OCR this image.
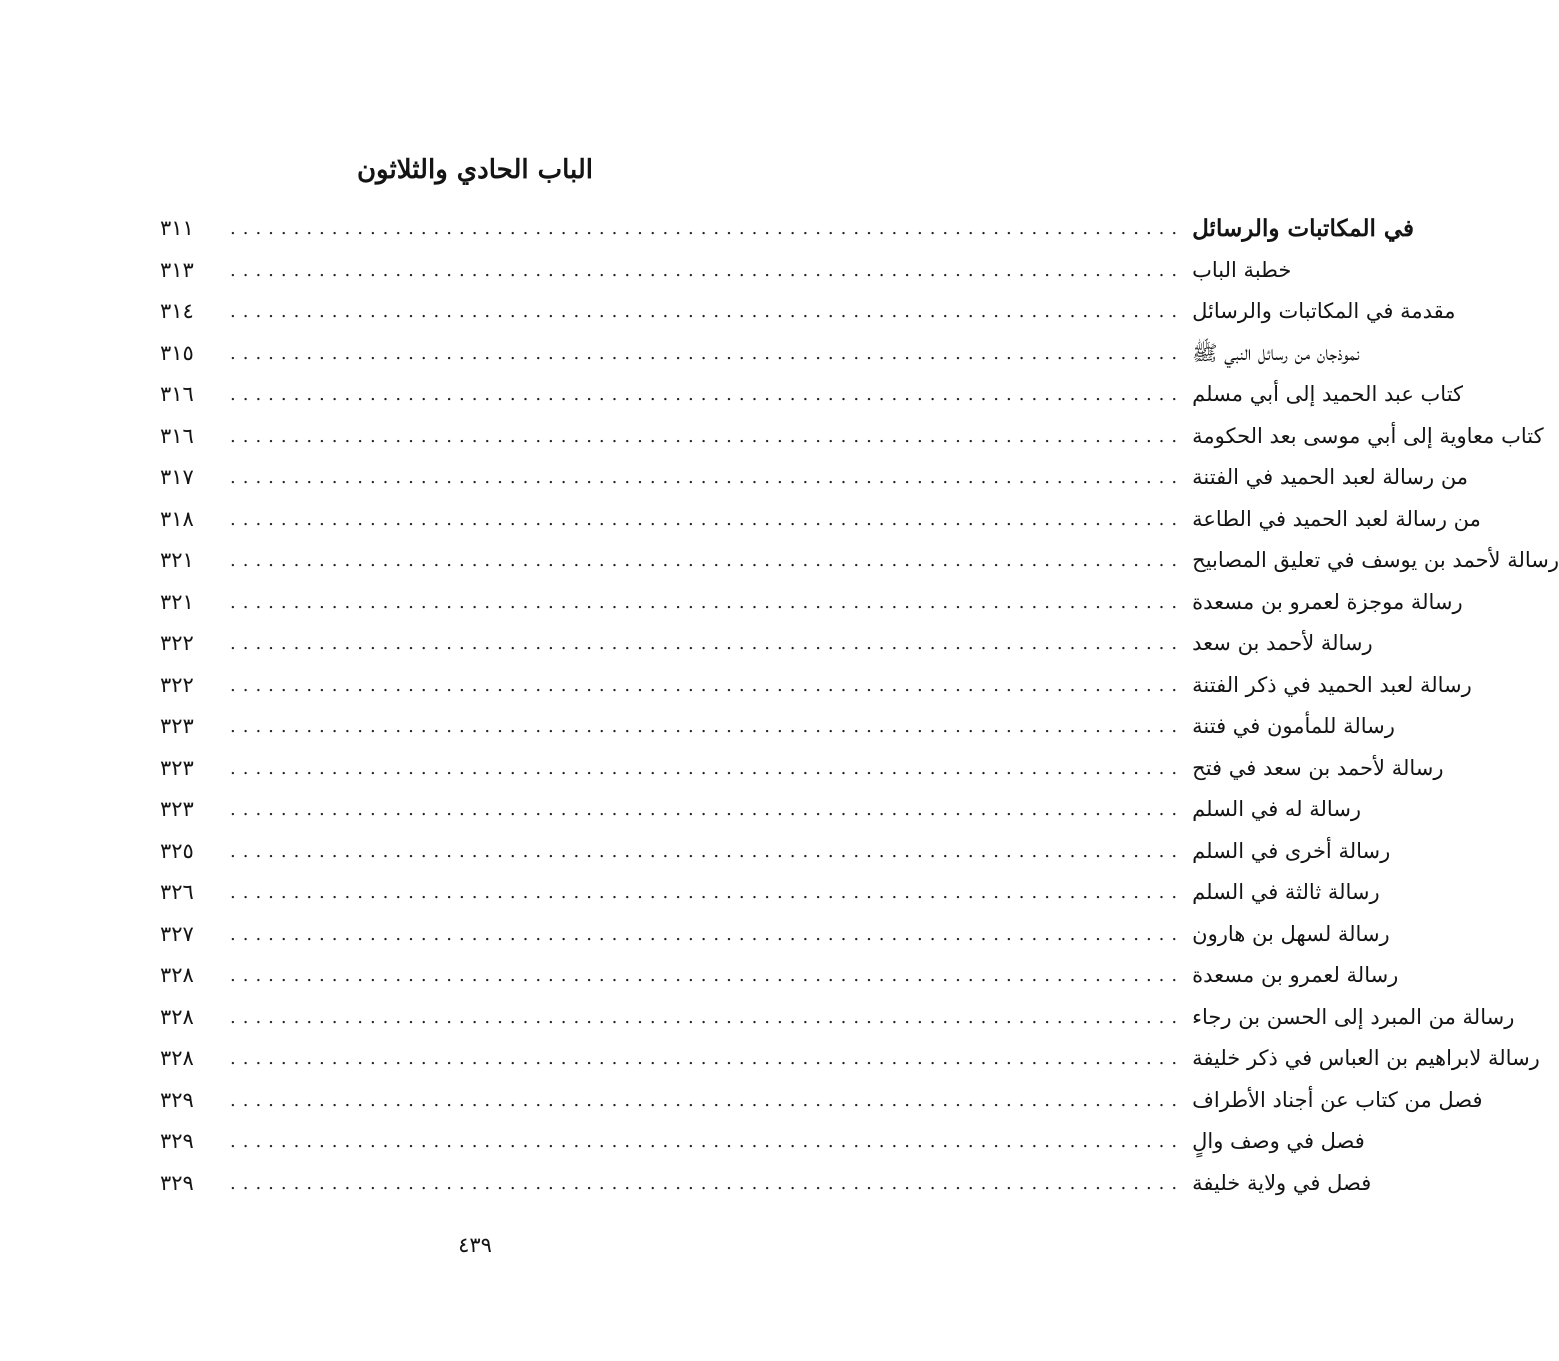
الباب الحادي والثلاثون
٣١١	........................................................................... في المكاتبات والرسائل
٣١٣	........................................................................... خطبة الباب
٣١٤	........................................................................... مقدمة في المكاتبات والرسائل
٣١٥	........................................................................... نموذجان من رسائل النبي ﷺ
٣١٦	........................................................................... كتاب عبد الحميد إلى أبي مسلم
٣١٦	........................................................................... كتاب معاوية إلى أبي موسى بعد الحكومة
٣١٧	........................................................................... من رسالة لعبد الحميد في الفتنة
٣١٨	........................................................................... من رسالة لعبد الحميد في الطاعة
٣٢١	........................................................................... رسالة لأحمد بن يوسف في تعليق المصابيح
٣٢١	........................................................................... رسالة موجزة لعمرو بن مسعدة
٣٢٢	........................................................................... رسالة لأحمد بن سعد
٣٢٢	........................................................................... رسالة لعبد الحميد في ذكر الفتنة
٣٢٣	........................................................................... رسالة للمأمون في فتنة
٣٢٣	........................................................................... رسالة لأحمد بن سعد في فتح
٣٢٣	........................................................................... رسالة له في السلم
٣٢٥	........................................................................... رسالة أخرى في السلم
٣٢٦	........................................................................... رسالة ثالثة في السلم
٣٢٧	........................................................................... رسالة لسهل بن هارون
٣٢٨	........................................................................... رسالة لعمرو بن مسعدة
٣٢٨	........................................................................... رسالة من المبرد إلى الحسن بن رجاء
٣٢٨	........................................................................... رسالة لابراهيم بن العباس في ذكر خليفة
٣٢٩	........................................................................... فصل من كتاب عن أجناد الأطراف
٣٢٩	........................................................................... فصل في وصف والٍ
٣٢٩	........................................................................... فصل في ولاية خليفة
٤٣٩
